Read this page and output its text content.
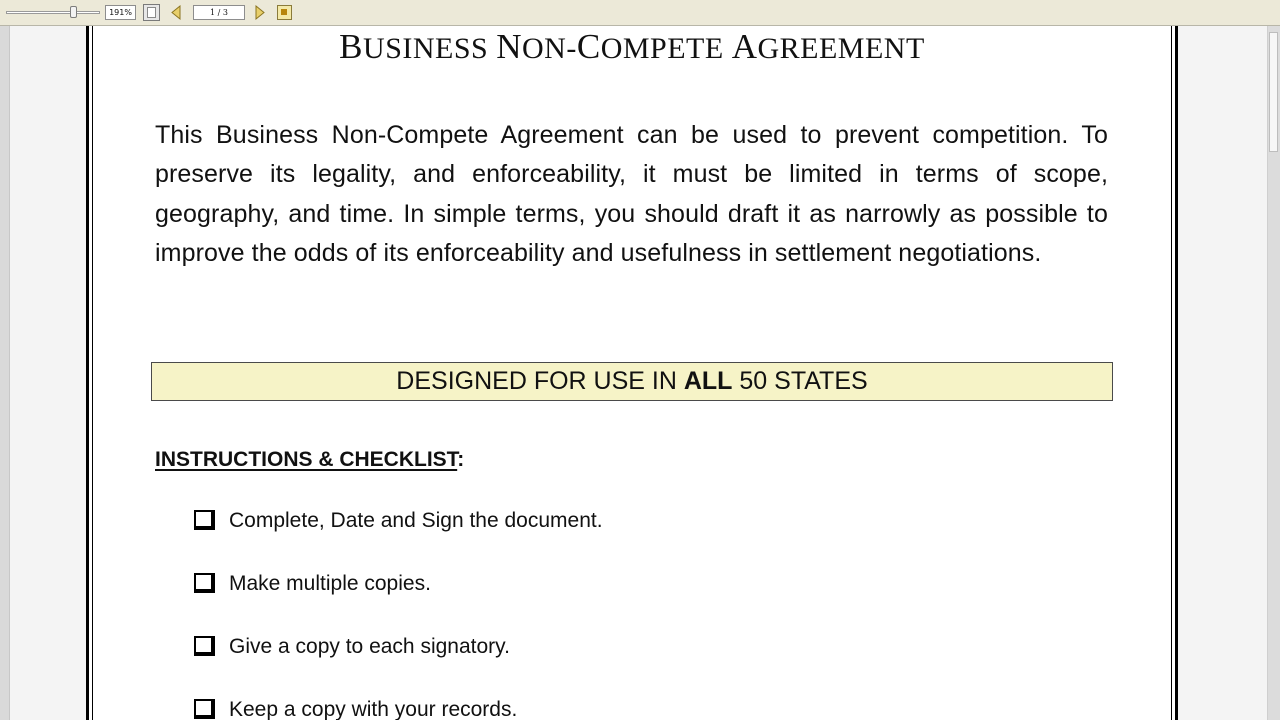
191%	1 / 3
BUSINESS NON-COMPETE AGREEMENT

This Business Non-Compete Agreement can be used to prevent competition. To preserve its legality, and enforceability, it must be limited in terms of scope, geography, and time. In simple terms, you should draft it as narrowly as possible to improve the odds of its enforceability and usefulness in settlement negotiations.

DESIGNED FOR USE IN ALL 50 STATES
INSTRUCTIONS & CHECKLIST:
Complete, Date and Sign the document.
Make multiple copies.
Give a copy to each signatory.
Keep a copy with your records.
